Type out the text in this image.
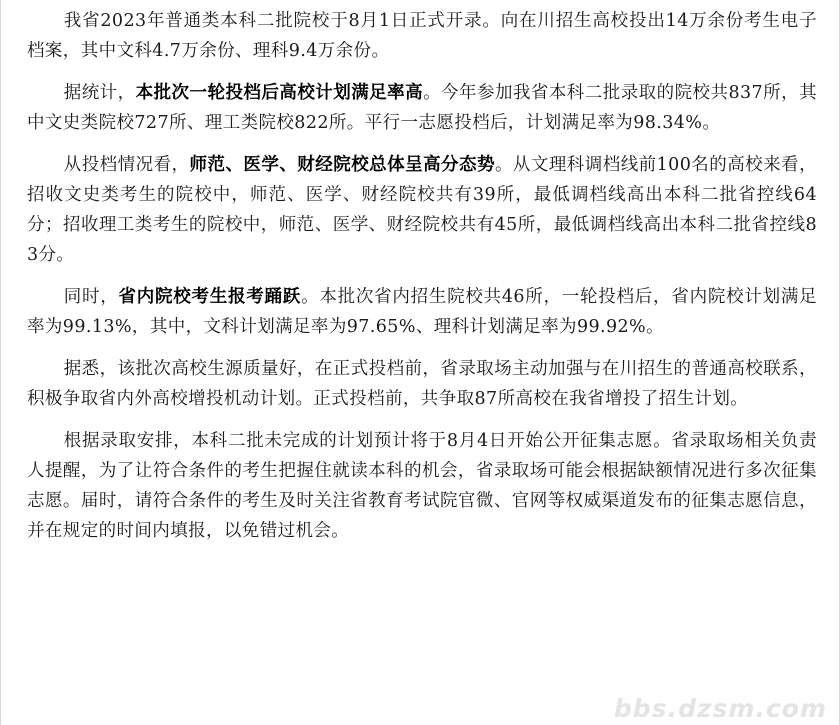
我省2023年普通类本科二批院校于8月1日正式开录。向在川招生高校投出14万余份考生电子档案，其中文科4.7万余份、理科9.4万余份。

据统计，本批次一轮投档后高校计划满足率高。今年参加我省本科二批录取的院校共837所，其中文史类院校727所、理工类院校822所。平行一志愿投档后，计划满足率为98.34%。

从投档情况看，师范、医学、财经院校总体呈高分态势。从文理科调档线前100名的高校来看，招收文史类考生的院校中，师范、医学、财经院校共有39所，最低调档线高出本科二批省控线64分；招收理工类考生的院校中，师范、医学、财经院校共有45所，最低调档线高出本科二批省控线83分。

同时，省内院校考生报考踊跃。本批次省内招生院校共46所，一轮投档后，省内院校计划满足率为99.13%，其中，文科计划满足率为97.65%、理科计划满足率为99.92%。

据悉，该批次高校生源质量好，在正式投档前，省录取场主动加强与在川招生的普通高校联系，积极争取省内外高校增投机动计划。正式投档前，共争取87所高校在我省增投了招生计划。

根据录取安排，本科二批未完成的计划预计将于8月4日开始公开征集志愿。省录取场相关负责人提醒，为了让符合条件的考生把握住就读本科的机会，省录取场可能会根据缺额情况进行多次征集志愿。届时，请符合条件的考生及时关注省教育考试院官微、官网等权威渠道发布的征集志愿信息，并在规定的时间内填报，以免错过机会。

bbs.dzsm.com
